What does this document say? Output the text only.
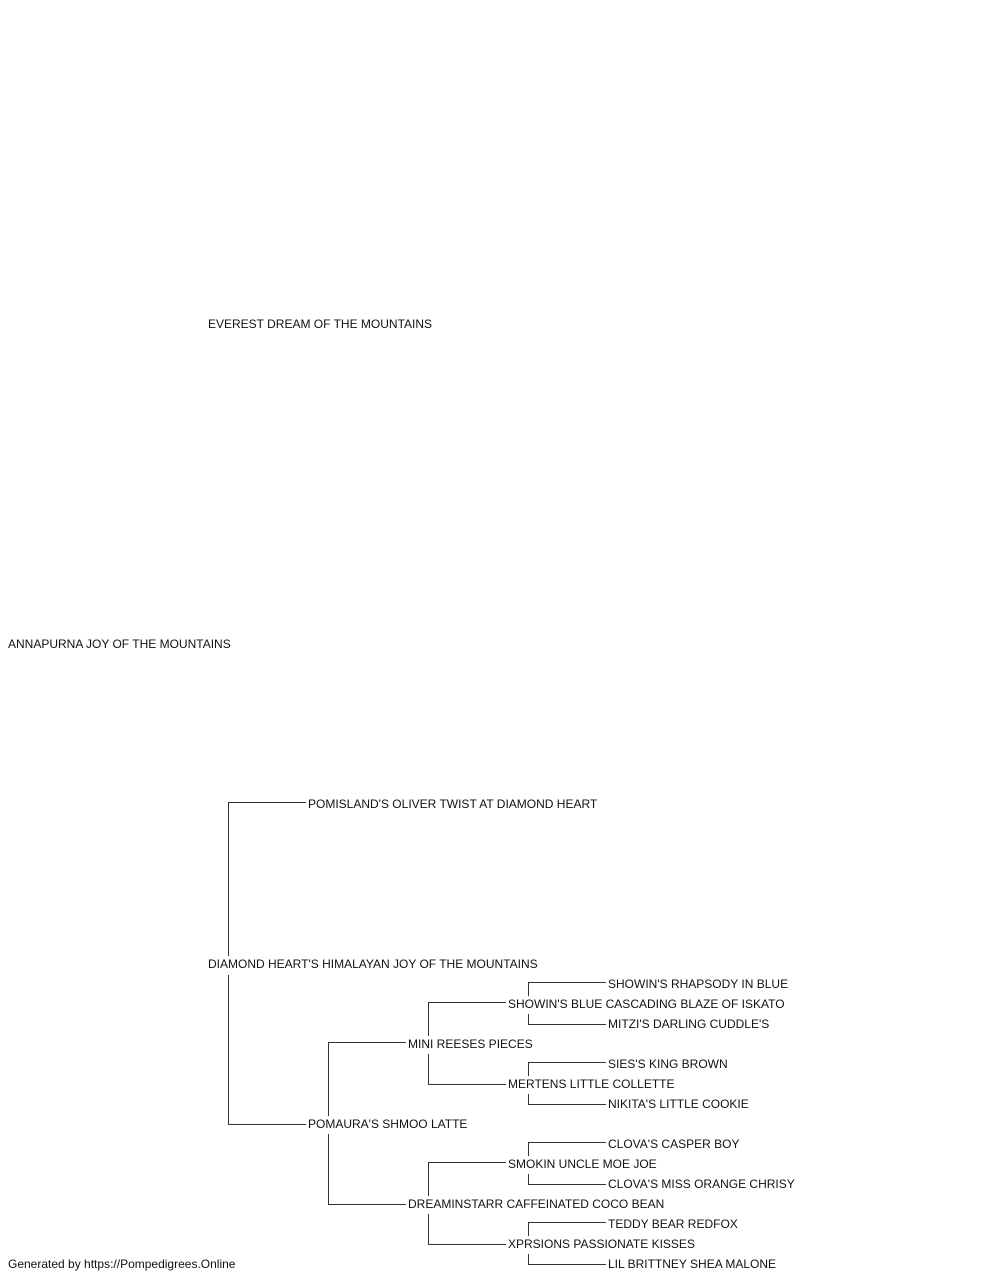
EVEREST DREAM OF THE MOUNTAINS
ANNAPURNA JOY OF THE MOUNTAINS
POMISLAND'S OLIVER TWIST AT DIAMOND HEART
DIAMOND HEART'S HIMALAYAN JOY OF THE MOUNTAINS
SHOWIN'S RHAPSODY IN BLUE
SHOWIN'S BLUE CASCADING BLAZE OF ISKATO
MITZI'S DARLING CUDDLE'S
MINI REESES PIECES
SIES'S KING BROWN
MERTENS LITTLE COLLETTE
NIKITA'S LITTLE COOKIE
POMAURA'S SHMOO LATTE
CLOVA'S CASPER BOY
SMOKIN UNCLE MOE JOE
CLOVA'S MISS ORANGE CHRISY
DREAMINSTARR CAFFEINATED COCO BEAN
TEDDY BEAR REDFOX
XPRSIONS PASSIONATE KISSES
LIL BRITTNEY SHEA MALONE
Generated by https://Pompedigrees.Online
